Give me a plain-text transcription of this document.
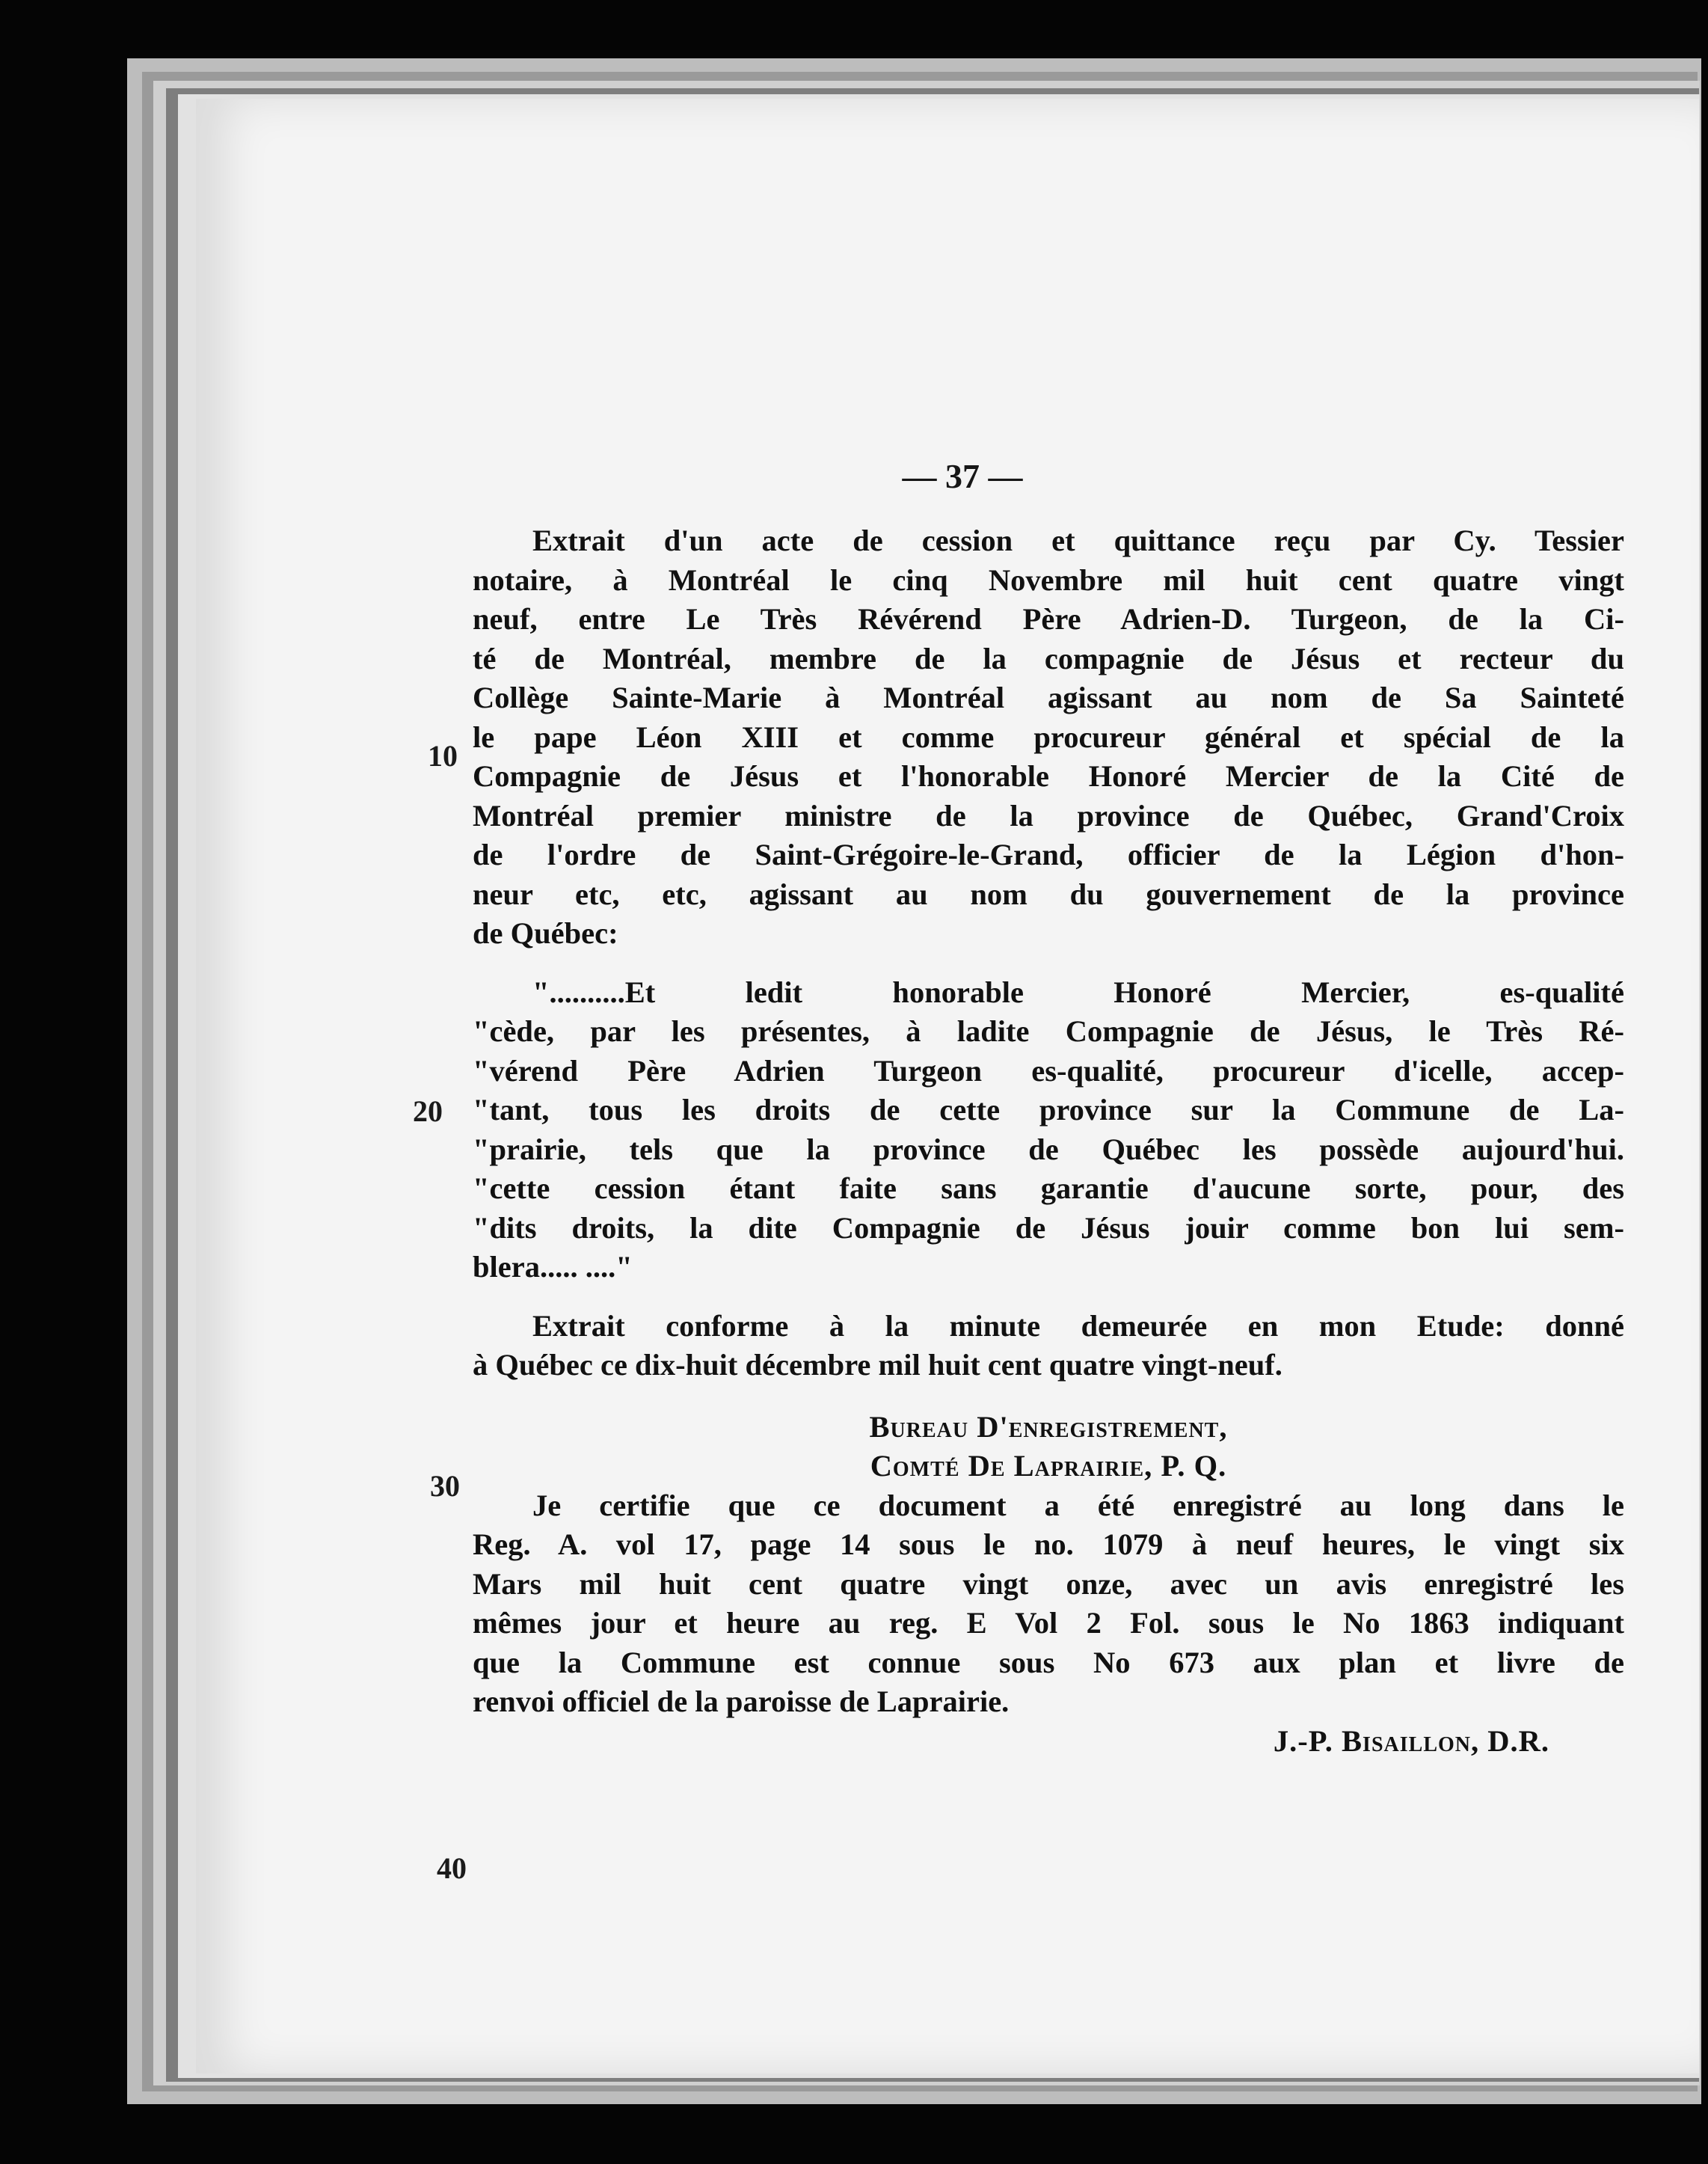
— 37 —
10
20
30
40
Extrait d'un acte de cession et quittance reçu par Cy. Tessier
notaire, à Montréal le cinq Novembre mil huit cent quatre vingt
neuf, entre Le Très Révérend Père Adrien-D. Turgeon, de la Ci-
té de Montréal, membre de la compagnie de Jésus et recteur du
Collège Sainte-Marie à Montréal agissant au nom de Sa Sainteté
le pape Léon XIII et comme procureur général et spécial de la
Compagnie de Jésus et l'honorable Honoré Mercier de la Cité de
Montréal premier ministre de la province de Québec, Grand'Croix
de l'ordre de Saint-Grégoire-le-Grand, officier de la Légion d'hon-
neur etc, etc, agissant au nom du gouvernement de la province
de Québec:
"..........Et ledit honorable Honoré Mercier, es-qualité
"cède, par les présentes, à ladite Compagnie de Jésus, le Très Ré-
"vérend Père Adrien Turgeon es-qualité, procureur d'icelle, accep-
"tant, tous les droits de cette province sur la Commune de La-
"prairie, tels que la province de Québec les possède aujourd'hui.
"cette cession étant faite sans garantie d'aucune sorte, pour, des
"dits droits, la dite Compagnie de Jésus jouir comme bon lui sem-
blera..... ...."
Extrait conforme à la minute demeurée en mon Etude: donné
à Québec ce dix-huit décembre mil huit cent quatre vingt-neuf.
Bureau D'enregistrement,
Comté De Laprairie, P. Q.
Je certifie que ce document a été enregistré au long dans le
Reg. A. vol 17, page 14 sous le no. 1079 à neuf heures, le vingt six
Mars mil huit cent quatre vingt onze, avec un avis enregistré les
mêmes jour et heure au reg. E Vol 2 Fol. sous le No 1863 indiquant
que la Commune est connue sous No 673 aux plan et livre de
renvoi officiel de la paroisse de Laprairie.
J.-P. Bisaillon, D.R.
